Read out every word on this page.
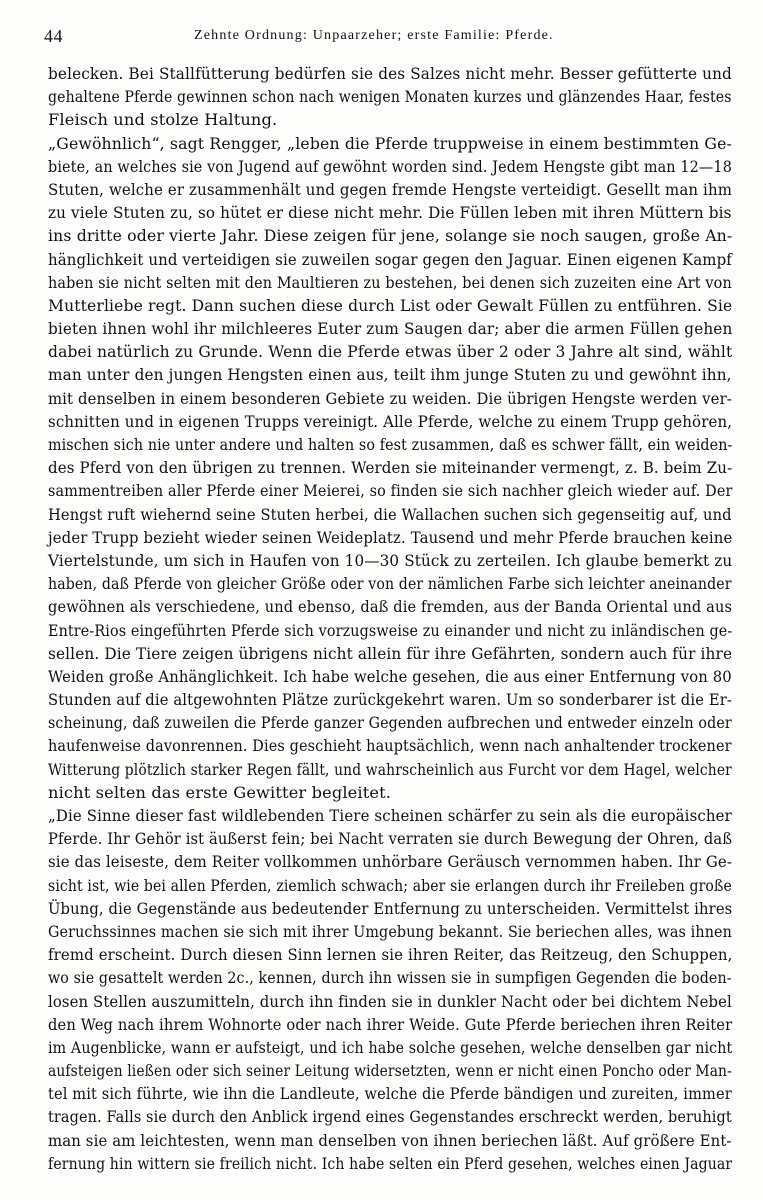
44	Zehnte Ordnung: Unpaarzeher; erste Familie: Pferde.
belecken. Bei Stallfütterung bedürfen sie des Salzes nicht mehr. Besser gefütterte und
gehaltene Pferde gewinnen schon nach wenigen Monaten kurzes und glänzendes Haar, festes
Fleisch und stolze Haltung.
„Gewöhnlich“, sagt Rengger, „leben die Pferde truppweise in einem bestimmten Ge-
biete, an welches sie von Jugend auf gewöhnt worden sind. Jedem Hengste gibt man 12—18
Stuten, welche er zusammenhält und gegen fremde Hengste verteidigt. Gesellt man ihm
zu viele Stuten zu, so hütet er diese nicht mehr. Die Füllen leben mit ihren Müttern bis
ins dritte oder vierte Jahr. Diese zeigen für jene, solange sie noch saugen, große An-
hänglichkeit und verteidigen sie zuweilen sogar gegen den Jaguar. Einen eigenen Kampf
haben sie nicht selten mit den Maultieren zu bestehen, bei denen sich zuzeiten eine Art von
Mutterliebe regt. Dann suchen diese durch List oder Gewalt Füllen zu entführen. Sie
bieten ihnen wohl ihr milchleeres Euter zum Saugen dar; aber die armen Füllen gehen
dabei natürlich zu Grunde. Wenn die Pferde etwas über 2 oder 3 Jahre alt sind, wählt
man unter den jungen Hengsten einen aus, teilt ihm junge Stuten zu und gewöhnt ihn,
mit denselben in einem besonderen Gebiete zu weiden. Die übrigen Hengste werden ver-
schnitten und in eigenen Trupps vereinigt. Alle Pferde, welche zu einem Trupp gehören,
mischen sich nie unter andere und halten so fest zusammen, daß es schwer fällt, ein weiden-
des Pferd von den übrigen zu trennen. Werden sie miteinander vermengt, z. B. beim Zu-
sammentreiben aller Pferde einer Meierei, so finden sie sich nachher gleich wieder auf. Der
Hengst ruft wiehernd seine Stuten herbei, die Wallachen suchen sich gegenseitig auf, und
jeder Trupp bezieht wieder seinen Weideplatz. Tausend und mehr Pferde brauchen keine
Viertelstunde, um sich in Haufen von 10—30 Stück zu zerteilen. Ich glaube bemerkt zu
haben, daß Pferde von gleicher Größe oder von der nämlichen Farbe sich leichter aneinander
gewöhnen als verschiedene, und ebenso, daß die fremden, aus der Banda Oriental und aus
Entre-Rios eingeführten Pferde sich vorzugsweise zu einander und nicht zu inländischen ge-
sellen. Die Tiere zeigen übrigens nicht allein für ihre Gefährten, sondern auch für ihre
Weiden große Anhänglichkeit. Ich habe welche gesehen, die aus einer Entfernung von 80
Stunden auf die altgewohnten Plätze zurückgekehrt waren. Um so sonderbarer ist die Er-
scheinung, daß zuweilen die Pferde ganzer Gegenden aufbrechen und entweder einzeln oder
haufenweise davonrennen. Dies geschieht hauptsächlich, wenn nach anhaltender trockener
Witterung plötzlich starker Regen fällt, und wahrscheinlich aus Furcht vor dem Hagel, welcher
nicht selten das erste Gewitter begleitet.
„Die Sinne dieser fast wildlebenden Tiere scheinen schärfer zu sein als die europäischer
Pferde. Ihr Gehör ist äußerst fein; bei Nacht verraten sie durch Bewegung der Ohren, daß
sie das leiseste, dem Reiter vollkommen unhörbare Geräusch vernommen haben. Ihr Ge-
sicht ist, wie bei allen Pferden, ziemlich schwach; aber sie erlangen durch ihr Freileben große
Übung, die Gegenstände aus bedeutender Entfernung zu unterscheiden. Vermittelst ihres
Geruchssinnes machen sie sich mit ihrer Umgebung bekannt. Sie beriechen alles, was ihnen
fremd erscheint. Durch diesen Sinn lernen sie ihren Reiter, das Reitzeug, den Schuppen,
wo sie gesattelt werden 2c., kennen, durch ihn wissen sie in sumpfigen Gegenden die boden-
losen Stellen auszumitteln, durch ihn finden sie in dunkler Nacht oder bei dichtem Nebel
den Weg nach ihrem Wohnorte oder nach ihrer Weide. Gute Pferde beriechen ihren Reiter
im Augenblicke, wann er aufsteigt, und ich habe solche gesehen, welche denselben gar nicht
aufsteigen ließen oder sich seiner Leitung widersetzten, wenn er nicht einen Poncho oder Man-
tel mit sich führte, wie ihn die Landleute, welche die Pferde bändigen und zureiten, immer
tragen. Falls sie durch den Anblick irgend eines Gegenstandes erschreckt werden, beruhigt
man sie am leichtesten, wenn man denselben von ihnen beriechen läßt. Auf größere Ent-
fernung hin wittern sie freilich nicht. Ich habe selten ein Pferd gesehen, welches einen Jaguar
